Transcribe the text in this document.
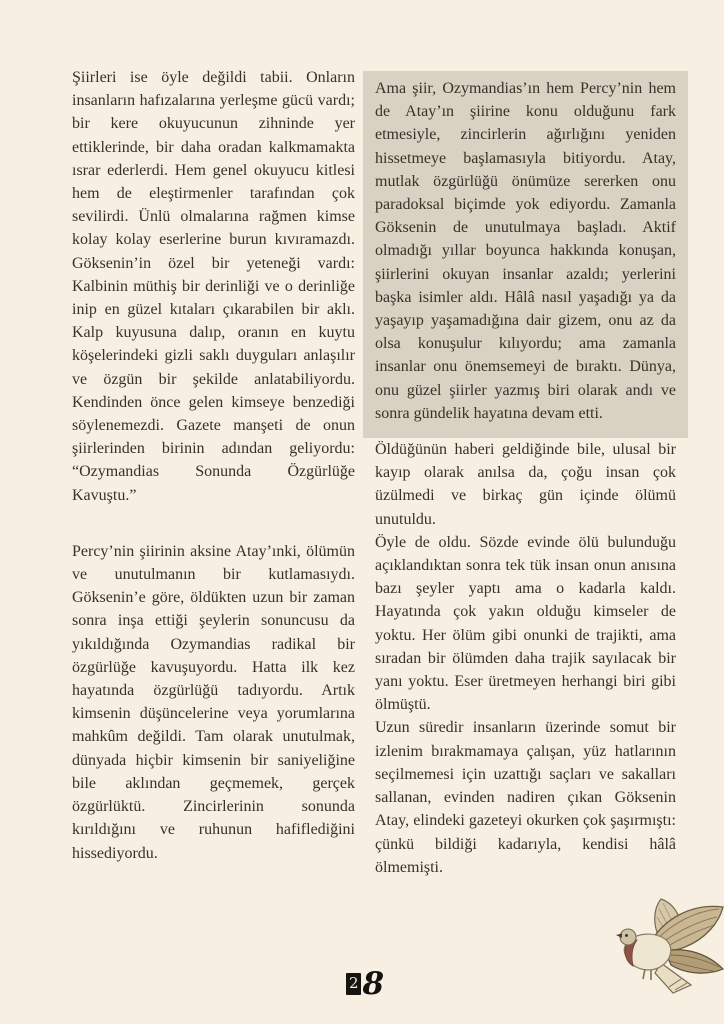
Şiirleri ise öyle değildi tabii. Onların insanların hafızalarına yerleşme gücü vardı; bir kere okuyucunun zihninde yer ettiklerinde, bir daha oradan kalkmamakta ısrar ederlerdi. Hem genel okuyucu kitlesi hem de eleştirmenler tarafından çok sevilirdi. Ünlü olmalarına rağmen kimse kolay kolay eserlerine burun kıvıramazdı. Göksenin’in özel bir yeteneği vardı: Kalbinin müthiş bir derinliği ve o derinliğe inip en güzel kıtaları çıkarabilen bir aklı. Kalp kuyusuna dalıp, oranın en kuytu köşelerindeki gizli saklı duyguları anlaşılır ve özgün bir şekilde anlatabiliyordu. Kendinden önce gelen kimseye benzediği söylenemezdi. Gazete manşeti de onun şiirlerinden birinin adından geliyordu: “Ozymandias Sonunda Özgürlüğe Kavuştu.”

Percy’nin şiirinin aksine Atay’ınki, ölümün ve unutulmanın bir kutlamasıydı. Göksenin’e göre, öldükten uzun bir zaman sonra inşa ettiği şeylerin sonuncusu da yıkıldığında Ozymandias radikal bir özgürlüğe kavuşuyordu. Hatta ilk kez hayatında özgürlüğü tadıyordu. Artık kimsenin düşüncelerine veya yorumlarına mahkûm değildi. Tam olarak unutulmak, dünyada hiçbir kimsenin bir saniyeliğine bile aklından geçmemek, gerçek özgürlüktü. Zincirlerinin sonunda kırıldığını ve ruhunun hafiflediğini hissediyordu.

Ama şiir, Ozymandias’ın hem Percy’nin hem de Atay’ın şiirine konu olduğunu fark etmesiyle, zincirlerin ağırlığını yeniden hissetmeye başlamasıyla bitiyordu. Atay, mutlak özgürlüğü önümüze sererken onu paradoksal biçimde yok ediyordu. Zamanla Göksenin de unutulmaya başladı. Aktif olmadığı yıllar boyunca hakkında konuşan, şiirlerini okuyan insanlar azaldı; yerlerini başka isimler aldı. Hâlâ nasıl yaşadığı ya da yaşayıp yaşamadığına dair gizem, onu az da olsa konuşulur kılıyordu; ama zamanla insanlar onu önemsemeyi de bıraktı. Dünya, onu güzel şiirler yazmış biri olarak andı ve sonra gündelik hayatına devam etti.

Öldüğünün haberi geldiğinde bile, ulusal bir kayıp olarak anılsa da, çoğu insan çok üzülmedi ve birkaç gün içinde ölümü unutuldu.

Öyle de oldu. Sözde evinde ölü bulunduğu açıklandıktan sonra tek tük insan onun anısına bazı şeyler yaptı ama o kadarla kaldı. Hayatında çok yakın olduğu kimseler de yoktu. Her ölüm gibi onunki de trajikti, ama sıradan bir ölümden daha trajik sayılacak bir yanı yoktu. Eser üretmeyen herhangi biri gibi ölmüştü.

Uzun süredir insanların üzerinde somut bir izlenim bırakmamaya çalışan, yüz hatlarının seçilmemesi için uzattığı saçları ve sakalları sallanan, evinden nadiren çıkan Göksenin Atay, elindeki gazeteyi okurken çok şaşırmıştı: çünkü bildiği kadarıyla, kendisi hâlâ ölmemişti.

2 8
